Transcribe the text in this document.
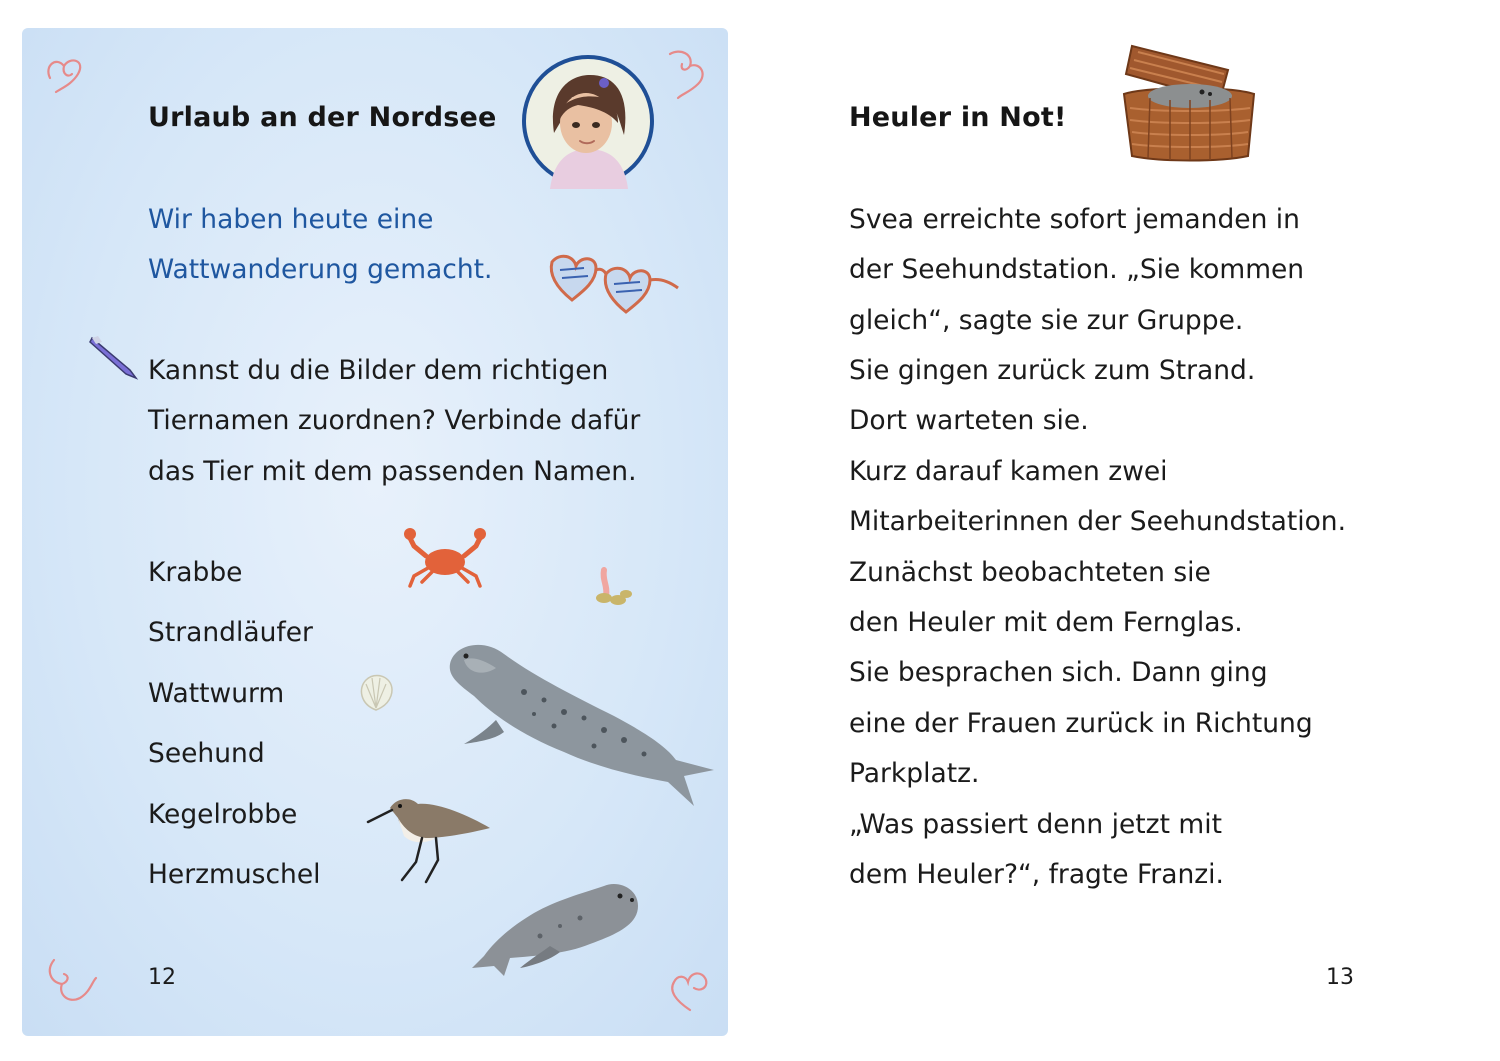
Urlaub an der Nordsee
Wir haben heute eine
Wattwanderung gemacht.
Kannst du die Bilder dem richtigen
Tiernamen zuordnen? Verbinde dafür
das Tier mit dem passenden Namen.
Krabbe
Strandläufer
Wattwurm
Seehund
Kegelrobbe
Herzmuschel
12
Heuler in Not!
Svea erreichte sofort jemanden in
der Seehundstation. „Sie kommen
gleich“, sagte sie zur Gruppe.
Sie gingen zurück zum Strand.
Dort warteten sie.
Kurz darauf kamen zwei
Mitarbeiterinnen der Seehundstation.
Zunächst beobachteten sie
den Heuler mit dem Fernglas.
Sie besprachen sich. Dann ging
eine der Frauen zurück in Richtung
Parkplatz.
„Was passiert denn jetzt mit
dem Heuler?“, fragte Franzi.
13
